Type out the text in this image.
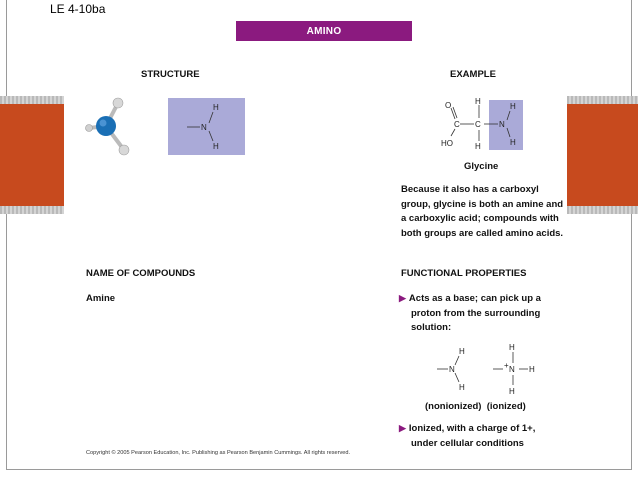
LE 4-10ba
AMINO
STRUCTURE	EXAMPLE
N
H
H
O
HO
C C
H
H
N
H
H
Glycine
Because it also has a carboxyl
group, glycine is both an amine and
a carboxylic acid; compounds with
both groups are called amino acids.
NAME OF COMPOUNDS	FUNCTIONAL PROPERTIES
Amine	▶ Acts as a base; can pick up a
proton from the surrounding
solution:
N
H
H
+ N
H
H
H
(nonionized)  (ionized)
▶ Ionized, with a charge of 1+,
under cellular conditions
Copyright © 2005 Pearson Education, Inc. Publishing as Pearson Benjamin Cummings. All rights reserved.
